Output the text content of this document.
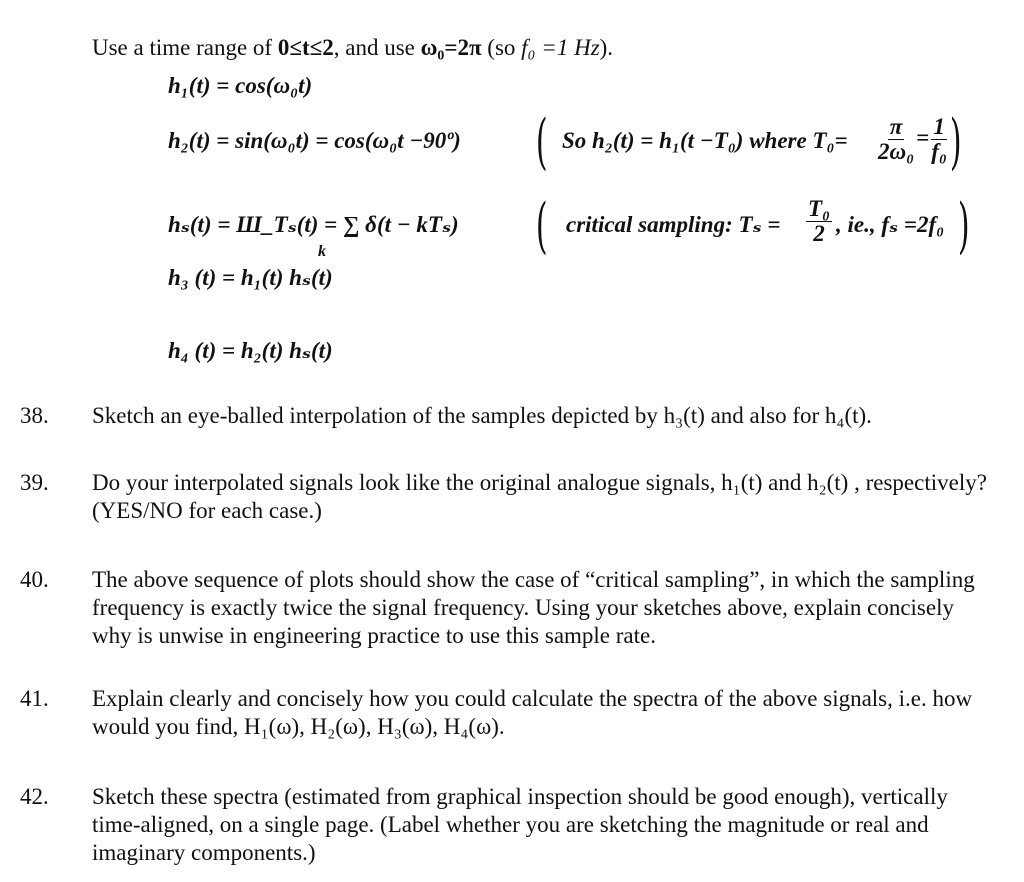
Use a time range of 0≤t≤2, and use ω₀=2π (so f₀ =1 Hz).
h₁(t) = cos(ω₀t)
h₂(t) = sin(ω₀t) = cos(ω₀t −90º) ( So h₂(t) = h₁(t −T₀) where $T_0= \frac{\pi}{\text{2ω₀}} = \frac{1}{\text{f₀}}$ )
hₛ(t) = Ш_Tₛ(t) = ∑ δ(t − kTₛ)
k	( critical sampling: $T_s = \frac{\text{T₀}}{2}$ , ie., fₛ =2f₀ )
h₃ (t) = h₁(t) hₛ(t)
h₄ (t) = h₂(t) hₛ(t)
38. Sketch an eye-balled interpolation of the samples depicted by h₃(t) and also for h₄(t).
39. Do your interpolated signals look like the original analogue signals, h₁(t) and h₂(t) , respectively? (YES/NO for each case.)
40. The above sequence of plots should show the case of “critical sampling”, in which the sampling frequency is exactly twice the signal frequency. Using your sketches above, explain concisely why is unwise in engineering practice to use this sample rate.
41. Explain clearly and concisely how you could calculate the spectra of the above signals, i.e. how would you find, H₁(ω), H₂(ω), H₃(ω), H₄(ω).
42. Sketch these spectra (estimated from graphical inspection should be good enough), vertically time-aligned, on a single page. (Label whether you are sketching the magnitude or real and imaginary components.)
